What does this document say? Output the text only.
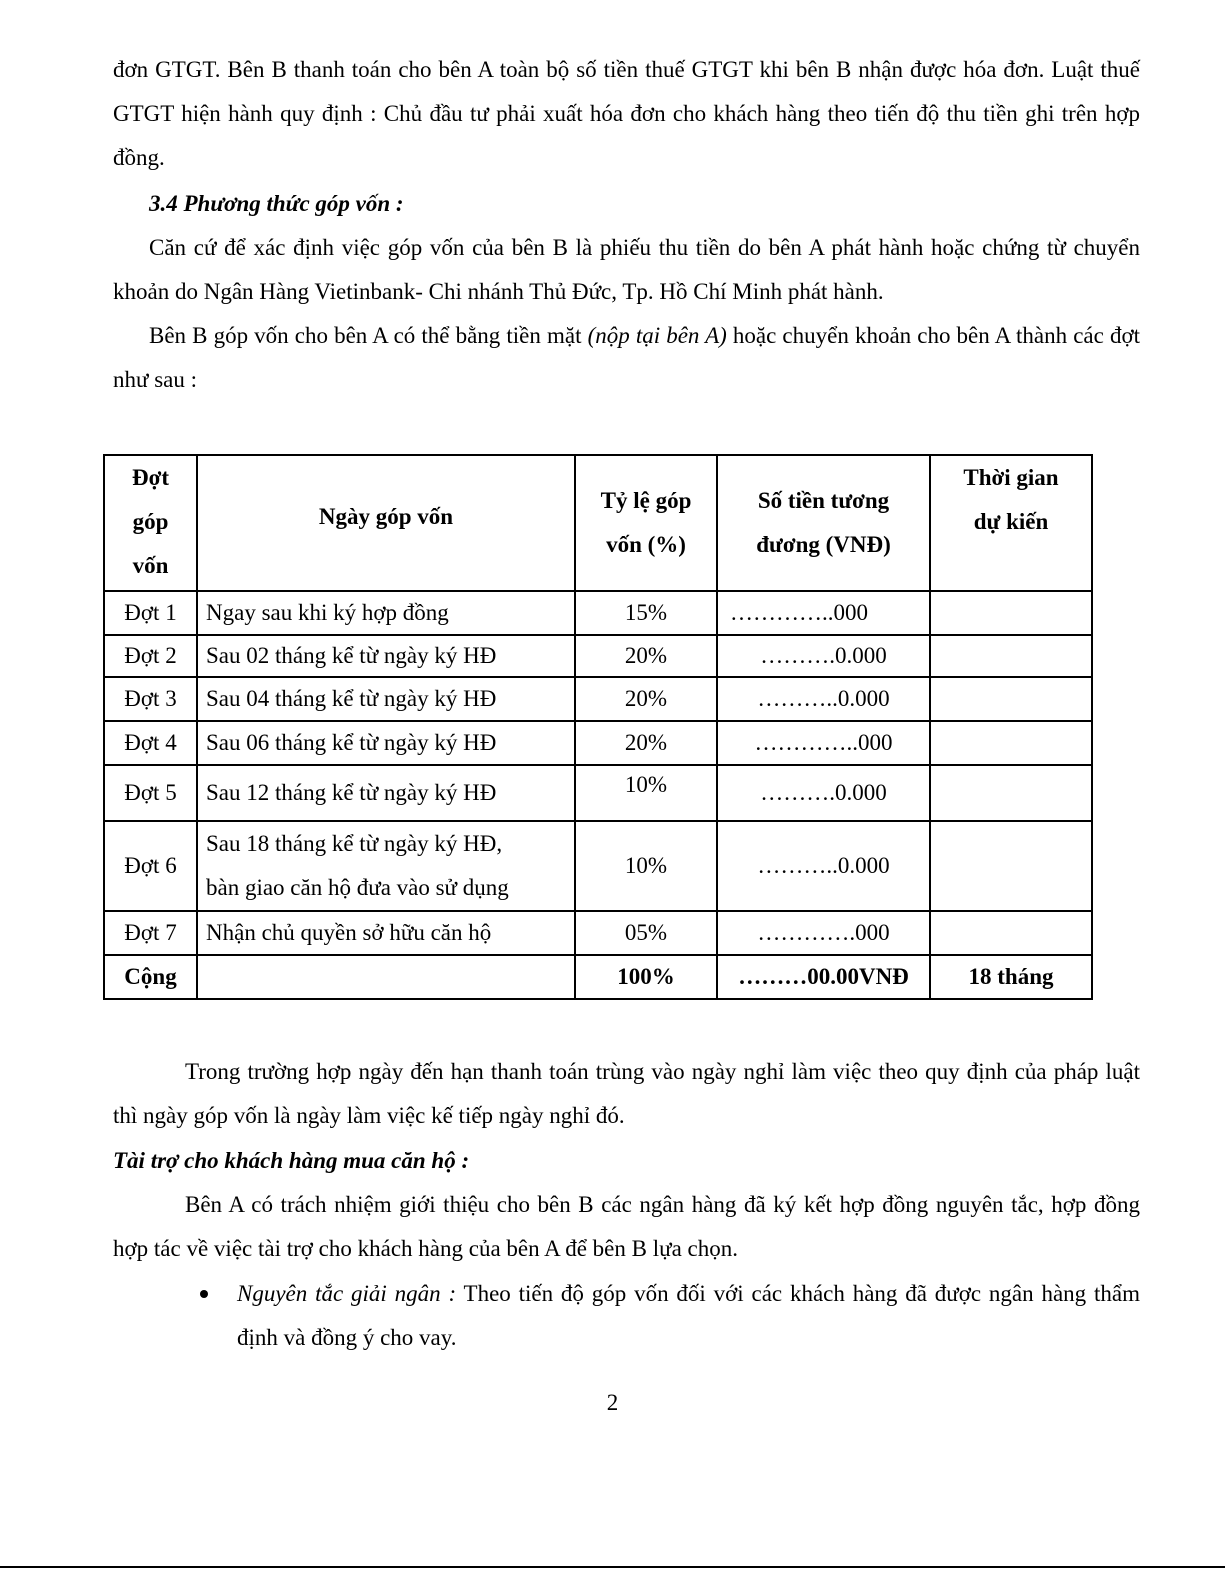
đơn GTGT. Bên B thanh toán cho bên A toàn bộ số tiền thuế GTGT khi bên B nhận được hóa đơn. Luật thuế GTGT hiện hành quy định : Chủ đầu tư phải xuất hóa đơn cho khách hàng theo tiến độ thu tiền ghi trên hợp đồng.

3.4 Phương thức góp vốn :

Căn cứ để xác định việc góp vốn của bên B là phiếu thu tiền do bên A phát hành hoặc chứng từ chuyển khoản do Ngân Hàng Vietinbank- Chi nhánh Thủ Đức, Tp. Hồ Chí Minh phát hành.

Bên B góp vốn cho bên A có thể bằng tiền mặt (nộp tại bên A) hoặc chuyển khoản cho bên A thành các đợt như sau :

Đợt góp vốn	Ngày góp vốn	Tỷ lệ góp vốn (%)	Số tiền tương đương (VNĐ)	Thời gian dự kiến

Đợt 1	Ngay sau khi ký hợp đồng	15%	…………..000	
Đợt 2	Sau 02 tháng kể từ ngày ký HĐ	20%	……….0.000	
Đợt 3	Sau 04 tháng kể từ ngày ký HĐ	20%	………..0.000	
Đợt 4	Sau 06 tháng kể từ ngày ký HĐ	20%	…………..000	
Đợt 5	Sau 12 tháng kể từ ngày ký HĐ	10%	……….0.000	
Đợt 6	Sau 18 tháng kể từ ngày ký HĐ,
bàn giao căn hộ đưa vào sử dụng	10%	………..0.000	
Đợt 7	Nhận chủ quyền sở hữu căn hộ	05%	………….000	
Cộng		100%	………00.00VNĐ	18 tháng

Trong trường hợp ngày đến hạn thanh toán trùng vào ngày nghỉ làm việc theo quy định của pháp luật thì ngày góp vốn là ngày làm việc kế tiếp ngày nghỉ đó.

Tài trợ cho khách hàng mua căn hộ :

Bên A có trách nhiệm giới thiệu cho bên B các ngân hàng đã ký kết hợp đồng nguyên tắc, hợp đồng hợp tác về việc tài trợ cho khách hàng của bên A để bên B lựa chọn.

Nguyên tắc giải ngân : Theo tiến độ góp vốn đối với các khách hàng đã được ngân hàng thẩm định và đồng ý cho vay.
2
